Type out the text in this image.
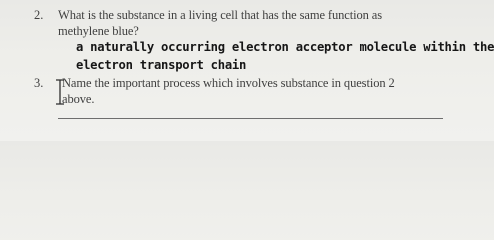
2. What is the substance in a living cell that has the same function as
methylene blue?
a naturally occurring electron acceptor molecule within the
electron transport chain
3. Name the important process which involves substance in question 2
above.
